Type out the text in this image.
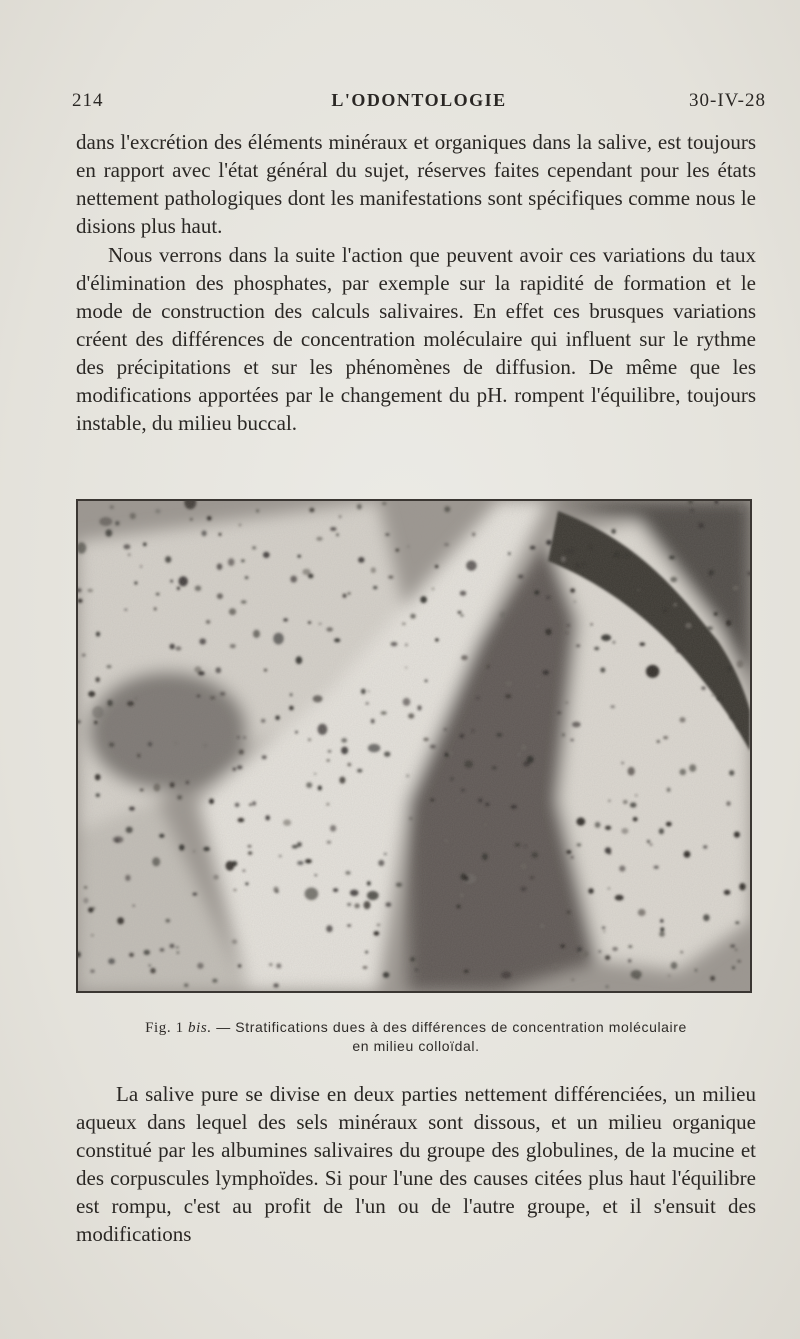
214	L'ODONTOLOGIE	30-IV-28

dans l'excrétion des éléments minéraux et organiques dans la salive, est toujours en rapport avec l'état général du sujet, réserves faites cependant pour les états nettement pathologiques dont les manifestations sont spécifiques comme nous le disions plus haut.

Nous verrons dans la suite l'action que peuvent avoir ces variations du taux d'élimination des phosphates, par exemple sur la rapidité de formation et le mode de construction des calculs salivaires. En effet ces brusques variations créent des différences de concentration moléculaire qui influent sur le rythme des précipitations et sur les phénomènes de diffusion. De même que les modifications apportées par le changement du pH. rompent l'équilibre, toujours instable, du milieu buccal.

Fig. 1 bis. — Stratifications dues à des différences de concentration moléculaire
en milieu colloïdal.

La salive pure se divise en deux parties nettement différenciées, un milieu aqueux dans lequel des sels minéraux sont dissous, et un milieu organique constitué par les albumines salivaires du groupe des globulines, de la mucine et des corpuscules lymphoïdes. Si pour l'une des causes citées plus haut l'équilibre est rompu, c'est au profit de l'un ou de l'autre groupe, et il s'ensuit des modifications
